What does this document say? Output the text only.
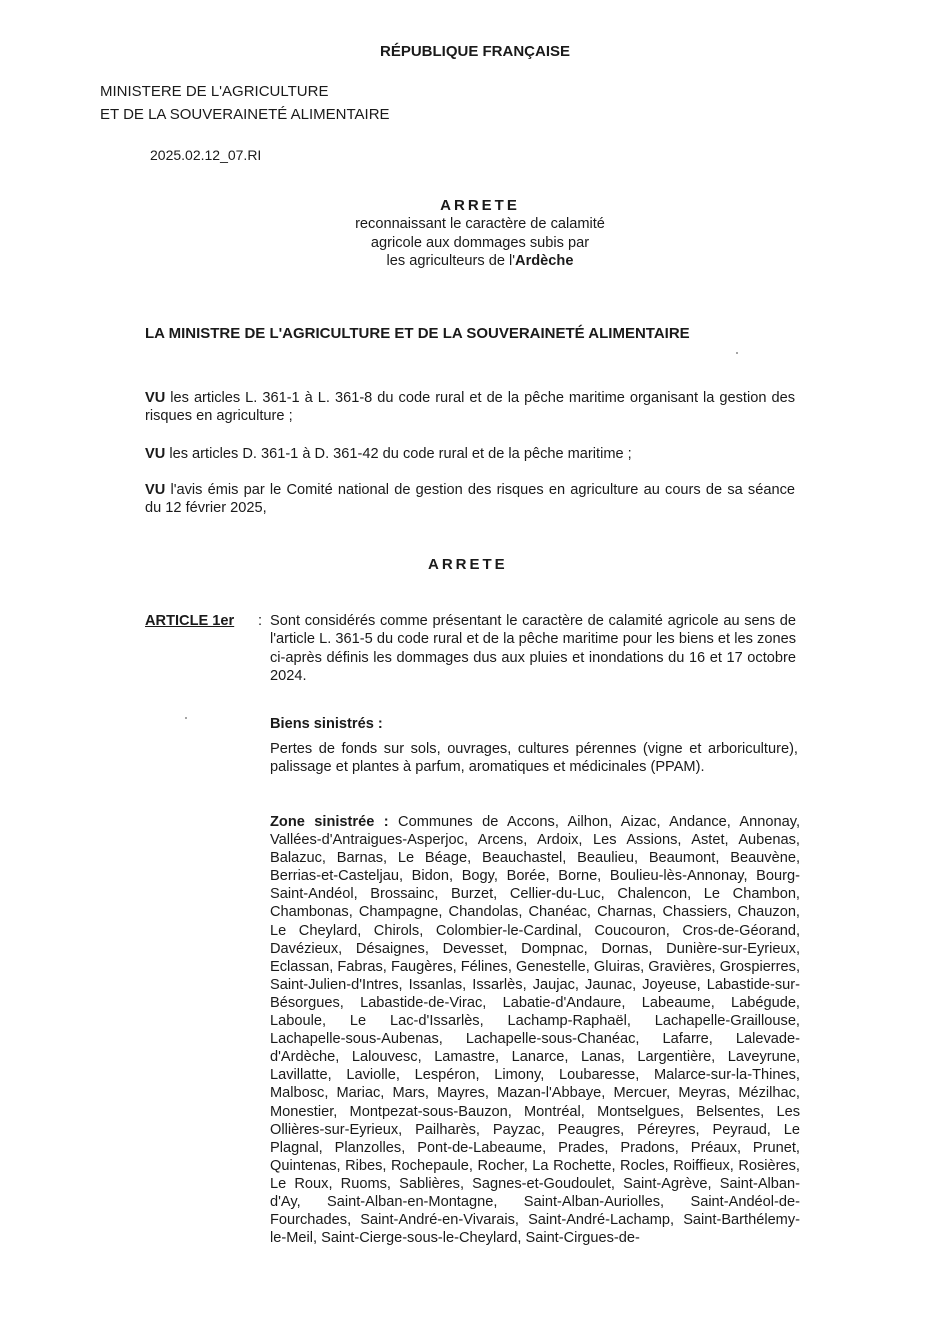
RÉPUBLIQUE FRANÇAISE
MINISTERE DE L'AGRICULTURE
ET DE LA SOUVERAINETÉ ALIMENTAIRE
2025.02.12_07.RI
ARRETE
reconnaissant le caractère de calamité
agricole aux dommages subis par
les agriculteurs de l'Ardèche
LA MINISTRE DE L'AGRICULTURE ET DE LA SOUVERAINETÉ ALIMENTAIRE
VU les articles L. 361-1 à L. 361-8 du code rural et de la pêche maritime organisant la gestion des risques en agriculture ;
VU les articles D. 361-1 à D. 361-42 du code rural et de la pêche maritime ;
VU l'avis émis par le Comité national de gestion des risques en agriculture au cours de sa séance du 12 février 2025,
ARRETE
ARTICLE 1er : Sont considérés comme présentant le caractère de calamité agricole au sens de l'article L. 361-5 du code rural et de la pêche maritime pour les biens et les zones ci-après définis les dommages dus aux pluies et inondations du 16 et 17 octobre 2024.
Biens sinistrés :
Pertes de fonds sur sols, ouvrages, cultures pérennes (vigne et arboriculture), palissage et plantes à parfum, aromatiques et médicinales (PPAM).
Zone sinistrée : Communes de Accons, Ailhon, Aizac, Andance, Annonay, Vallées-d'Antraigues-Asperjoc, Arcens, Ardoix, Les Assions, Astet, Aubenas, Balazuc, Barnas, Le Béage, Beauchastel, Beaulieu, Beaumont, Beauvène, Berrias-et-Casteljau, Bidon, Bogy, Borée, Borne, Boulieu-lès-Annonay, Bourg-Saint-Andéol, Brossainc, Burzet, Cellier-du-Luc, Chalencon, Le Chambon, Chambonas, Champagne, Chandolas, Chanéac, Charnas, Chassiers, Chauzon, Le Cheylard, Chirols, Colombier-le-Cardinal, Coucouron, Cros-de-Géorand, Davézieux, Désaignes, Devesset, Dompnac, Dornas, Dunière-sur-Eyrieux, Eclassan, Fabras, Faugères, Félines, Genestelle, Gluiras, Gravières, Grospierres, Saint-Julien-d'Intres, Issanlas, Issarlès, Jaujac, Jaunac, Joyeuse, Labastide-sur-Bésorgues, Labastide-de-Virac, Labatie-d'Andaure, Labeaume, Labégude, Laboule, Le Lac-d'Issarlès, Lachamp-Raphaël, Lachapelle-Graillouse, Lachapelle-sous-Aubenas, Lachapelle-sous-Chanéac, Lafarre, Lalevade-d'Ardèche, Lalouvesc, Lamastre, Lanarce, Lanas, Largentière, Laveyrune, Lavillatte, Laviolle, Lespéron, Limony, Loubaresse, Malarce-sur-la-Thines, Malbosc, Mariac, Mars, Mayres, Mazan-l'Abbaye, Mercuer, Meyras, Mézilhac, Monestier, Montpezat-sous-Bauzon, Montréal, Montselgues, Belsentes, Les Ollières-sur-Eyrieux, Pailharès, Payzac, Peaugres, Péreyres, Peyraud, Le Plagnal, Planzolles, Pont-de-Labeaume, Prades, Pradons, Préaux, Prunet, Quintenas, Ribes, Rochepaule, Rocher, La Rochette, Rocles, Roiffieux, Rosières, Le Roux, Ruoms, Sablières, Sagnes-et-Goudoulet, Saint-Agrève, Saint-Alban-d'Ay, Saint-Alban-en-Montagne, Saint-Alban-Auriolles, Saint-Andéol-de-Fourchades, Saint-André-en-Vivarais, Saint-André-Lachamp, Saint-Barthélemy-le-Meil, Saint-Cierge-sous-le-Cheylard, Saint-Cirgues-de-
